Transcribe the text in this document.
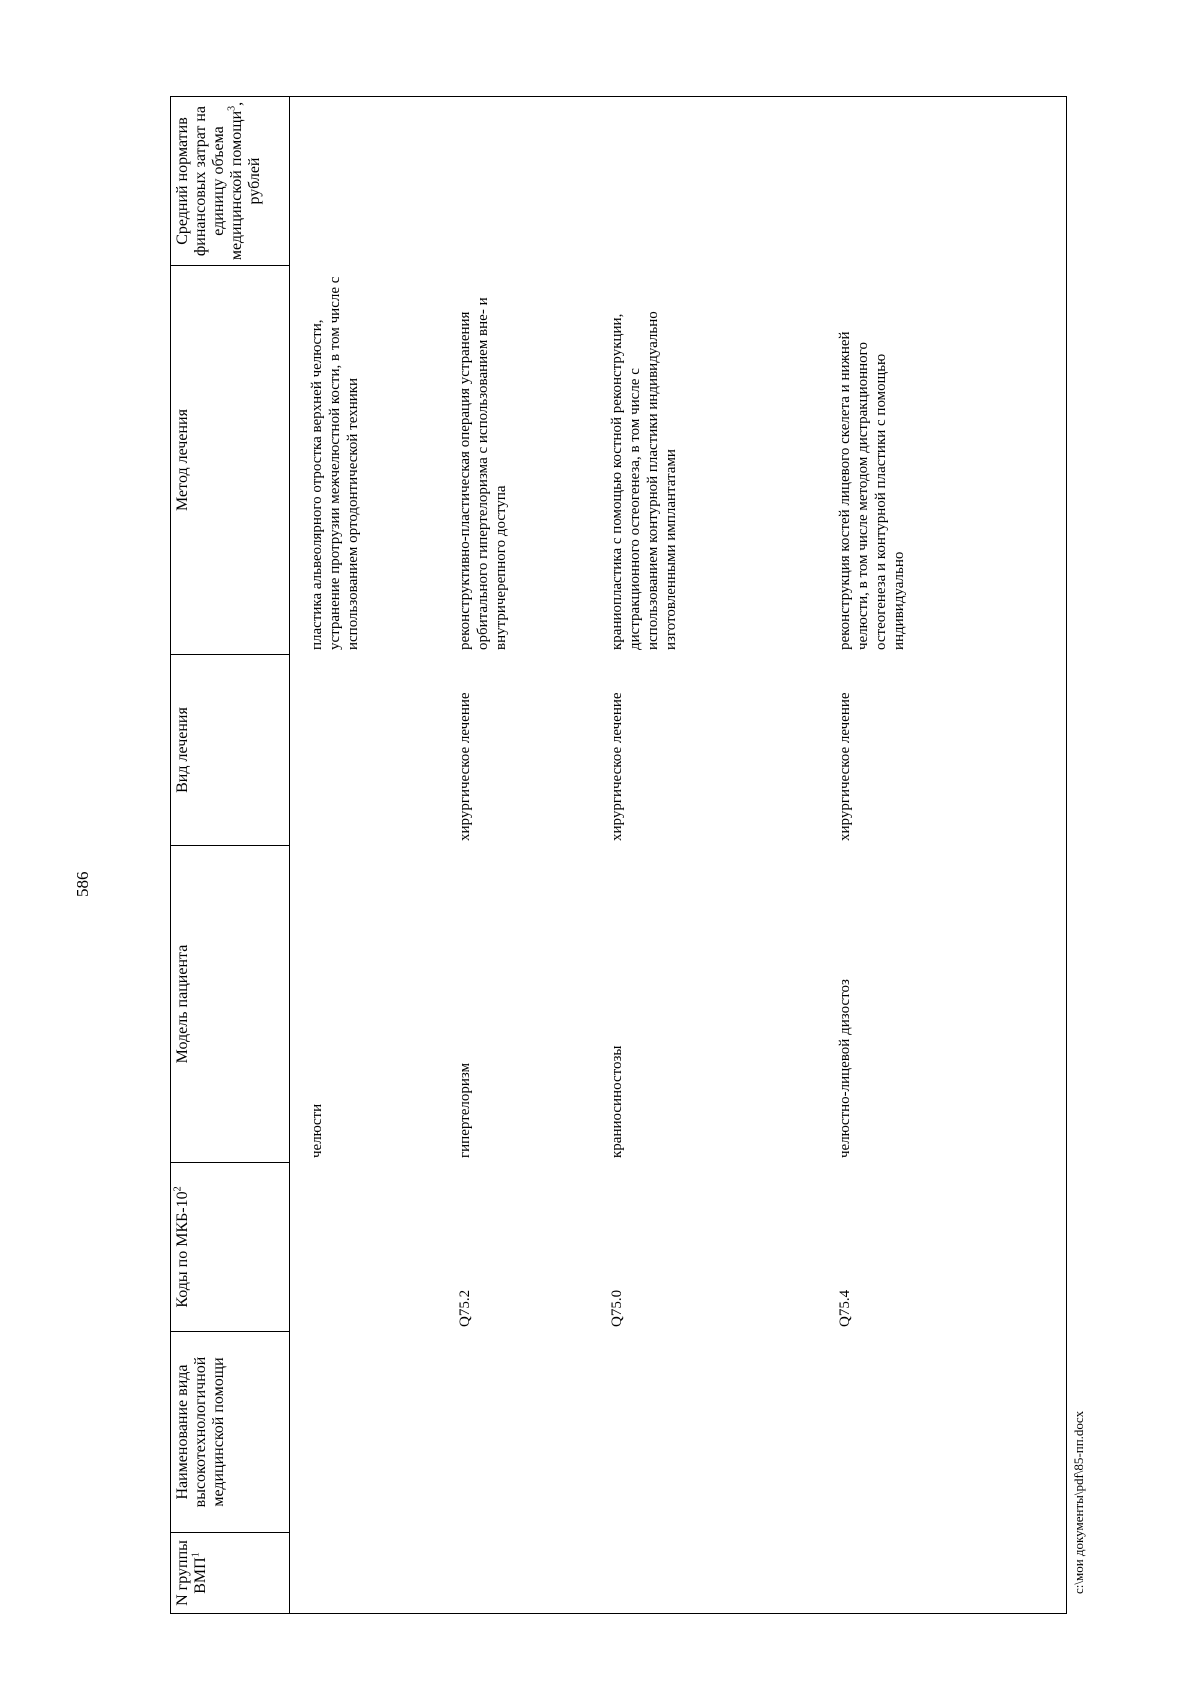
586
N группы ВМП$^1$	Наименование вида высокотехнологичной медицинской помощи	Коды по МКБ-$10^2$	Модель пациента	Вид лечения	Метод лечения	Средний норматив финансовых затрат на единицу объема медицинской помощи$^3$, рублей
			челюсти		пластика альвеолярного отростка верхней челюсти, устранение протрузии межчелюстной кости, в том числе с использованием ортодонтической техники	
		Q75.2	гипертелоризм	хирургическое лечение	реконструктивно-пластическая операция устранения орбитального гипертелоризма с использованием вне- и внутричерепного доступа	
		Q75.0	краниосиностозы	хирургическое лечение	краниопластика с помощью костной реконструкции, дистракционного остеогенеза, в том числе с использованием контурной пластики индивидуально изготовленными имплантатами	
		Q75.4	челюстно-лицевой дизостоз	хирургическое лечение	реконструкция костей лицевого скелета и нижней челюсти, в том числе методом дистракционного остеогенеза и контурной пластики с помощью индивидуально	
c:\мои документы\pdf\85-пп.docx
